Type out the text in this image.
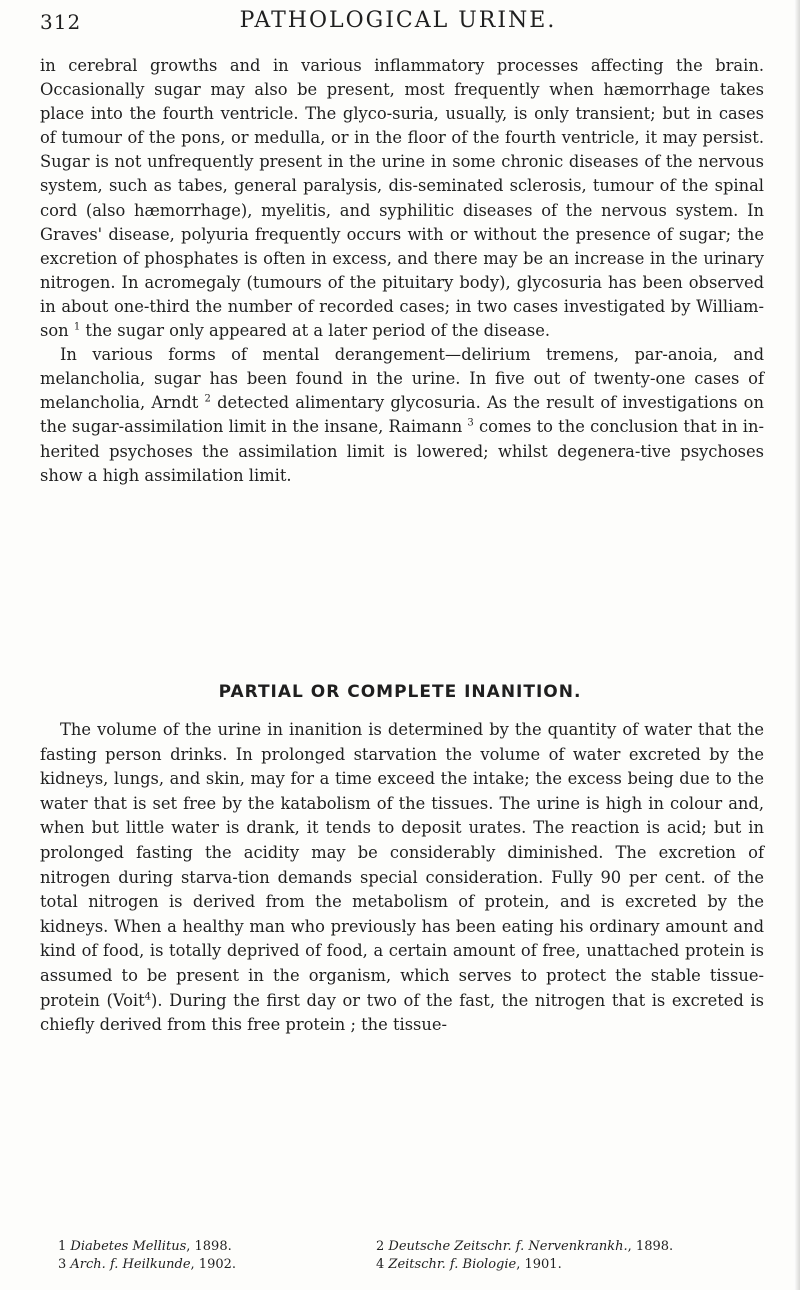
312	PATHOLOGICAL URINE.

in cerebral growths and in various inflammatory processes affecting the brain. Occasionally sugar may also be present, most frequently when hæmorrhage takes place into the fourth ventricle. The glyco-suria, usually, is only transient; but in cases of tumour of the pons, or medulla, or in the floor of the fourth ventricle, it may persist. Sugar is not unfrequently present in the urine in some chronic diseases of the nervous system, such as tabes, general paralysis, dis-seminated sclerosis, tumour of the spinal cord (also hæmorrhage), myelitis, and syphilitic diseases of the nervous system. In Graves' disease, polyuria frequently occurs with or without the presence of sugar; the excretion of phosphates is often in excess, and there may be an increase in the urinary nitrogen. In acromegaly (tumours of the pituitary body), glycosuria has been observed in about one-third the number of recorded cases; in two cases investigated by William-son $^1$ the sugar only appeared at a later period of the disease.

In various forms of mental derangement—delirium tremens, par-anoia, and melancholia, sugar has been found in the urine. In five out of twenty-one cases of melancholia, Arndt $^2$ detected alimentary glycosuria. As the result of investigations on the sugar-assimilation limit in the insane, Raimann $^3$ comes to the conclusion that in in-herited psychoses the assimilation limit is lowered; whilst degenera-tive psychoses show a high assimilation limit.

PARTIAL OR COMPLETE INANITION.

The volume of the urine in inanition is determined by the quantity of water that the fasting person drinks. In prolonged starvation the volume of water excreted by the kidneys, lungs, and skin, may for a time exceed the intake; the excess being due to the water that is set free by the katabolism of the tissues. The urine is high in colour and, when but little water is drank, it tends to deposit urates. The reaction is acid; but in prolonged fasting the acidity may be considerably diminished. The excretion of nitrogen during starva-tion demands special consideration. Fully 90 per cent. of the total nitrogen is derived from the metabolism of protein, and is excreted by the kidneys. When a healthy man who previously has been eating his ordinary amount and kind of food, is totally deprived of food, a certain amount of free, unattached protein is assumed to be present in the organism, which serves to protect the stable tissue-protein (Voit$^4$). During the first day or two of the fast, the nitrogen that is excreted is chiefly derived from this free protein ; the tissue-

1 Diabetes Mellitus, 1898.	2 Deutsche Zeitschr. f. Nervenkrankh., 1898.
3 Arch. f. Heilkunde, 1902.	4 Zeitschr. f. Biologie, 1901.
